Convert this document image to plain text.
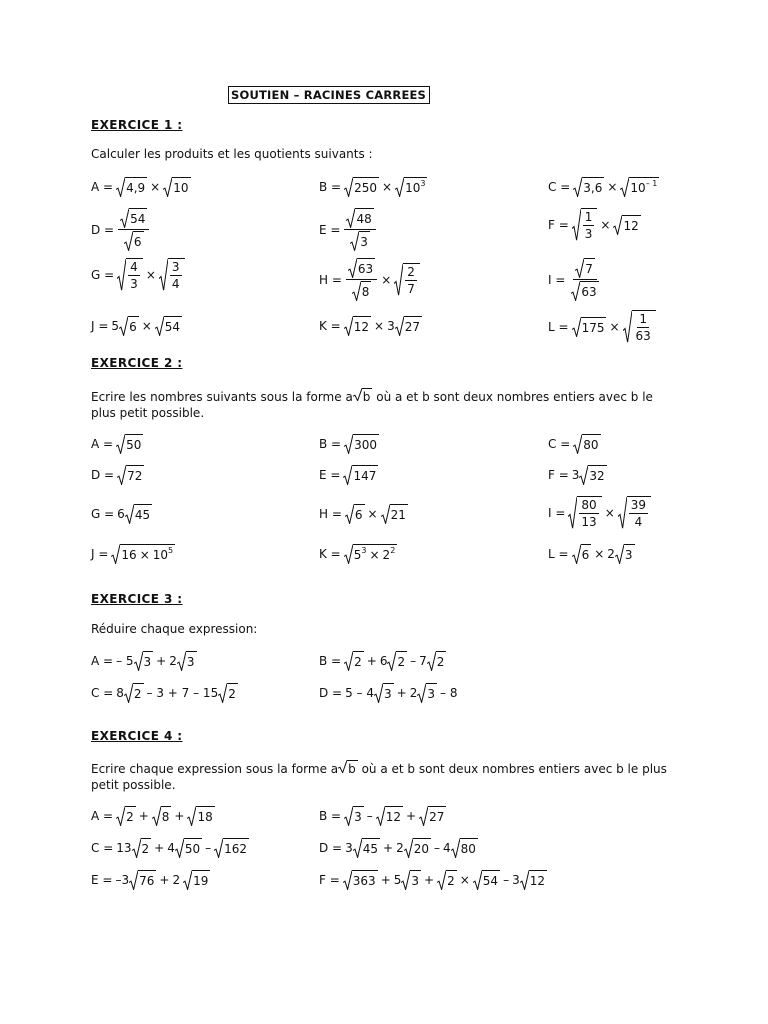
SOUTIEN – RACINES CARREES
EXERCICE 1 :
Calculer les produits et les quotients suivants :
A = 4,9 × 10	B = 250 × 10 3	C = 3,6 × 10 – 1
$D = \frac{54}{6}$	$E = \frac{48}{3}$	$F = \frac{1}{3} \times 12$
$G = \frac{4}{3} \times \frac{3}{4}$	$H = \frac{63}{8} \times \frac{2}{7}$	$I = \frac{7}{63}$
J = 5 6 × 54	K = 12 × 3 27	$L = 175 \times \frac{1}{63}$
EXERCICE 2 :
Ecrire les nombres suivants sous la forme a b où a et b sont deux nombres entiers avec b le plus petit possible.
A = 50	B = 300	C = 80
D = 72	E = 147	F = 3 32
G = 6 45	H = 6 × 21	$I = \frac{80}{13} \times \frac{39}{4}$
J = 16 × 10 5	K = 5 3 × 2 2	L = 6 × 2 3
EXERCICE 3 :
Réduire chaque expression:
A = – 5 3 + 2 3	B = 2 + 6 2 – 7 2
C = 8 2 – 3 + 7 – 15 2	D = 5 – 4 3 + 2 3 – 8
EXERCICE 4 :
Ecrire chaque expression sous la forme a b où a et b sont deux nombres entiers avec b le plus petit possible.
A = 2 + 8 + 18	B = 3 – 12 + 27
C = 13 2 + 4 50 – 162	D = 3 45 + 2 20 – 4 80
E = –3 76 + 2 19	F = 363 + 5 3 + 2 × 54 – 3 12
